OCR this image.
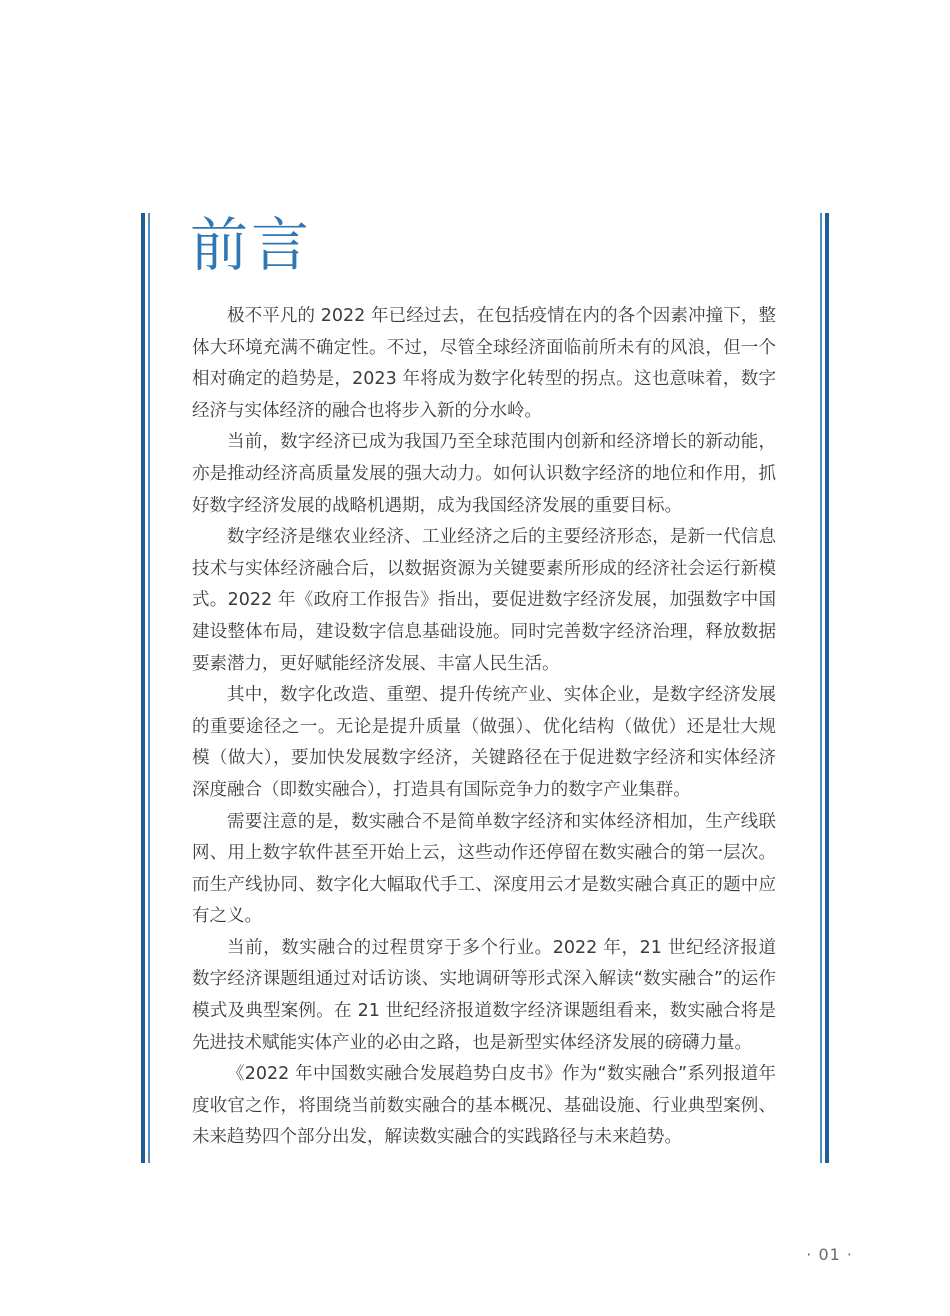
前言

极不平凡的 2022 年已经过去，在包括疫情在内的各个因素冲撞下，整体大环境充满不确定性。不过，尽管全球经济面临前所未有的风浪，但一个相对确定的趋势是，2023 年将成为数字化转型的拐点。这也意味着，数字经济与实体经济的融合也将步入新的分水岭。

当前，数字经济已成为我国乃至全球范围内创新和经济增长的新动能，亦是推动经济高质量发展的强大动力。如何认识数字经济的地位和作用，抓好数字经济发展的战略机遇期，成为我国经济发展的重要目标。

数字经济是继农业经济、工业经济之后的主要经济形态，是新一代信息技术与实体经济融合后，以数据资源为关键要素所形成的经济社会运行新模式。2022 年《政府工作报告》指出，要促进数字经济发展，加强数字中国建设整体布局，建设数字信息基础设施。同时完善数字经济治理，释放数据要素潜力，更好赋能经济发展、丰富人民生活。

其中，数字化改造、重塑、提升传统产业、实体企业，是数字经济发展的重要途径之一。无论是提升质量（做强）、优化结构（做优）还是壮大规模（做大），要加快发展数字经济，关键路径在于促进数字经济和实体经济深度融合（即数实融合），打造具有国际竞争力的数字产业集群。

需要注意的是，数实融合不是简单数字经济和实体经济相加，生产线联网、用上数字软件甚至开始上云，这些动作还停留在数实融合的第一层次。而生产线协同、数字化大幅取代手工、深度用云才是数实融合真正的题中应有之义。

当前，数实融合的过程贯穿于多个行业。2022 年，21 世纪经济报道数字经济课题组通过对话访谈、实地调研等形式深入解读“数实融合”的运作模式及典型案例。在 21 世纪经济报道数字经济课题组看来，数实融合将是先进技术赋能实体产业的必由之路，也是新型实体经济发展的磅礴力量。

《2022 年中国数实融合发展趋势白皮书》作为“数实融合”系列报道年度收官之作，将围绕当前数实融合的基本概况、基础设施、行业典型案例、未来趋势四个部分出发，解读数实融合的实践路径与未来趋势。

· 01 ·
